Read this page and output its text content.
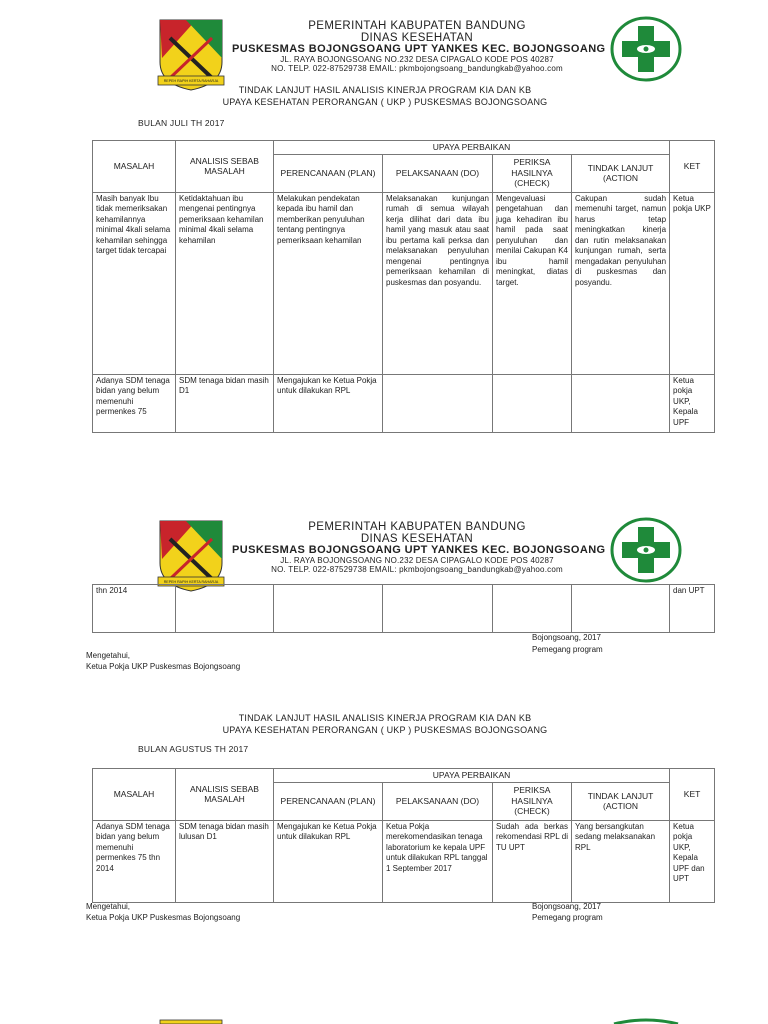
REPEH RAPIH KERTA RAHARJA
PEMERINTAH KABUPATEN BANDUNG
DINAS KESEHATAN
PUSKESMAS BOJONGSOANG UPT YANKES KEC. BOJONGSOANG
JL. RAYA BOJONGSOANG NO.232 DESA CIPAGALO KODE POS 40287
NO. TELP. 022-87529738 EMAIL: pkmbojongsoang_bandungkab@yahoo.com
TINDAK LANJUT HASIL ANALISIS KINERJA PROGRAM KIA DAN KB
UPAYA KESEHATAN PERORANGAN ( UKP ) PUSKESMAS BOJONGSOANG
BULAN JULI TH 2017
MASALAH	ANALISIS SEBAB MASALAH	UPAYA PERBAIKAN				KET
		PERENCANAAN (PLAN)	PELAKSANAAN (DO)	PERIKSA HASILNYA (CHECK)	TINDAK LANJUT (ACTION	
Masih banyak Ibu tidak memeriksakan kehamilannya minimal 4kali selama kehamilan sehingga target tidak tercapai	Ketidaktahuan ibu mengenai pentingnya pemeriksaan kehamilan minimal 4kali selama kehamilan	Melakukan pendekatan kepada ibu hamil dan memberikan penyuluhan tentang pentingnya pemeriksaan kehamilan	Melaksanakan kunjungan rumah di semua wilayah kerja dilihat dari data ibu hamil yang masuk atau saat ibu pertama kali perksa dan melaksanakan penyuluhan mengenai pentingnya pemeriksaan kehamilan di puskesmas dan posyandu.	Mengevaluasi pengetahuan dan juga kehadiran ibu hamil pada saat penyuluhan dan menilai Cakupan K4 ibu hamil meningkat, diatas target.	Cakupan sudah memenuhi target, namun harus tetap meningkatkan kinerja dan rutin melaksanakan kunjungan rumah, serta mengadakan penyuluhan di puskesmas dan posyandu.	Ketua pokja UKP
Adanya SDM tenaga bidan yang belum memenuhi permenkes 75	SDM tenaga bidan masih D1	Mengajukan ke Ketua Pokja untuk dilakukan RPL				Ketua pokja UKP, Kepala UPF
REPEH RAPIH KERTA RAHARJA
PEMERINTAH KABUPATEN BANDUNG
DINAS KESEHATAN
PUSKESMAS BOJONGSOANG UPT YANKES KEC. BOJONGSOANG
JL. RAYA BOJONGSOANG NO.232 DESA CIPAGALO KODE POS 40287
NO. TELP. 022-87529738 EMAIL: pkmbojongsoang_bandungkab@yahoo.com
thn 2014						dan UPT
Bojongsoang, 2017
Pemegang program
Mengetahui,
Ketua Pokja UKP Puskesmas Bojongsoang
TINDAK LANJUT HASIL ANALISIS KINERJA PROGRAM KIA DAN KB
UPAYA KESEHATAN PERORANGAN ( UKP ) PUSKESMAS BOJONGSOANG
BULAN AGUSTUS TH 2017
MASALAH	ANALISIS SEBAB MASALAH	UPAYA PERBAIKAN				KET
		PERENCANAAN (PLAN)	PELAKSANAAN (DO)	PERIKSA HASILNYA (CHECK)	TINDAK LANJUT (ACTION	
Adanya SDM tenaga bidan yang belum memenuhi permenkes 75 thn 2014	SDM tenaga bidan masih lulusan D1	Mengajukan ke Ketua Pokja untuk dilakukan RPL	Ketua Pokja merekomendasikan tenaga laboratorium ke kepala UPF untuk dilakukan RPL tanggal 1 September 2017	Sudah ada berkas rekomendasi RPL di TU UPT	Yang bersangkutan sedang melaksanakan RPL	Ketua pokja UKP, Kepala UPF dan UPT
Mengetahui,
Ketua Pokja UKP Puskesmas Bojongsoang
Bojongsoang, 2017
Pemegang program
